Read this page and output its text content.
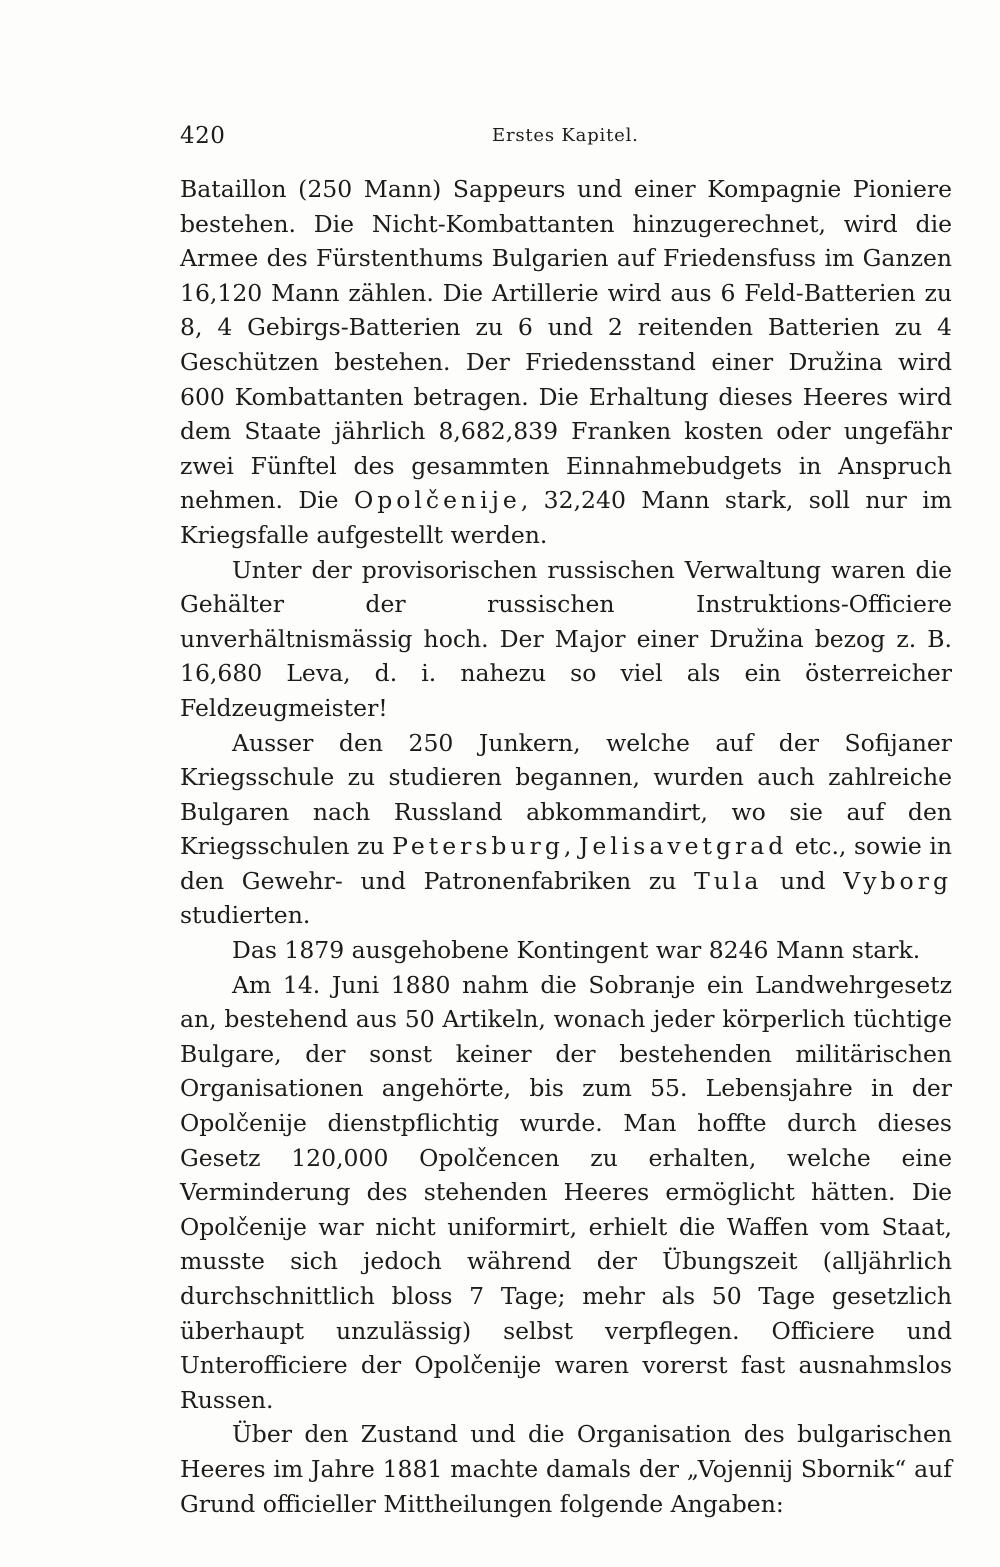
420	Erstes Kapitel.

Bataillon (250 Mann) Sappeurs und einer Kompagnie Pioniere bestehen. Die Nicht-Kombattanten hinzugerechnet, wird die Armee des Fürstenthums Bulgarien auf Friedensfuss im Ganzen 16,120 Mann zählen. Die Artillerie wird aus 6 Feld-Batterien zu 8, 4 Gebirgs-Batterien zu 6 und 2 reitenden Batterien zu 4 Geschützen bestehen. Der Friedensstand einer Družina wird 600 Kombattanten betragen. Die Erhaltung dieses Heeres wird dem Staate jährlich 8,682,839 Franken kosten oder ungefähr zwei Fünftel des gesammten Einnahmebudgets in Anspruch nehmen. Die Opolčenije, 32,240 Mann stark, soll nur im Kriegsfalle aufgestellt werden.

Unter der provisorischen russischen Verwaltung waren die Gehälter der russischen Instruktions-Officiere unverhältnismässig hoch. Der Major einer Družina bezog z. B. 16,680 Leva, d. i. nahezu so viel als ein österreicher Feldzeugmeister!

Ausser den 250 Junkern, welche auf der Sofijaner Kriegsschule zu studieren begannen, wurden auch zahlreiche Bulgaren nach Russland abkommandirt, wo sie auf den Kriegsschulen zu Petersburg, Jelisavetgrad etc., sowie in den Gewehr- und Patronenfabriken zu Tula und Vyborg studierten.

Das 1879 ausgehobene Kontingent war 8246 Mann stark.

Am 14. Juni 1880 nahm die Sobranje ein Landwehrgesetz an, bestehend aus 50 Artikeln, wonach jeder körperlich tüchtige Bulgare, der sonst keiner der bestehenden militärischen Organisationen angehörte, bis zum 55. Lebensjahre in der Opolčenije dienstpflichtig wurde. Man hoffte durch dieses Gesetz 120,000 Opolčencen zu erhalten, welche eine Verminderung des stehenden Heeres ermöglicht hätten. Die Opolčenije war nicht uniformirt, erhielt die Waffen vom Staat, musste sich jedoch während der Übungszeit (alljährlich durchschnittlich bloss 7 Tage; mehr als 50 Tage gesetzlich überhaupt unzulässig) selbst verpflegen. Officiere und Unterofficiere der Opolčenije waren vorerst fast ausnahmslos Russen.

Über den Zustand und die Organisation des bulgarischen Heeres im Jahre 1881 machte damals der „Vojennij Sbornik“ auf Grund officieller Mittheilungen folgende Angaben:
